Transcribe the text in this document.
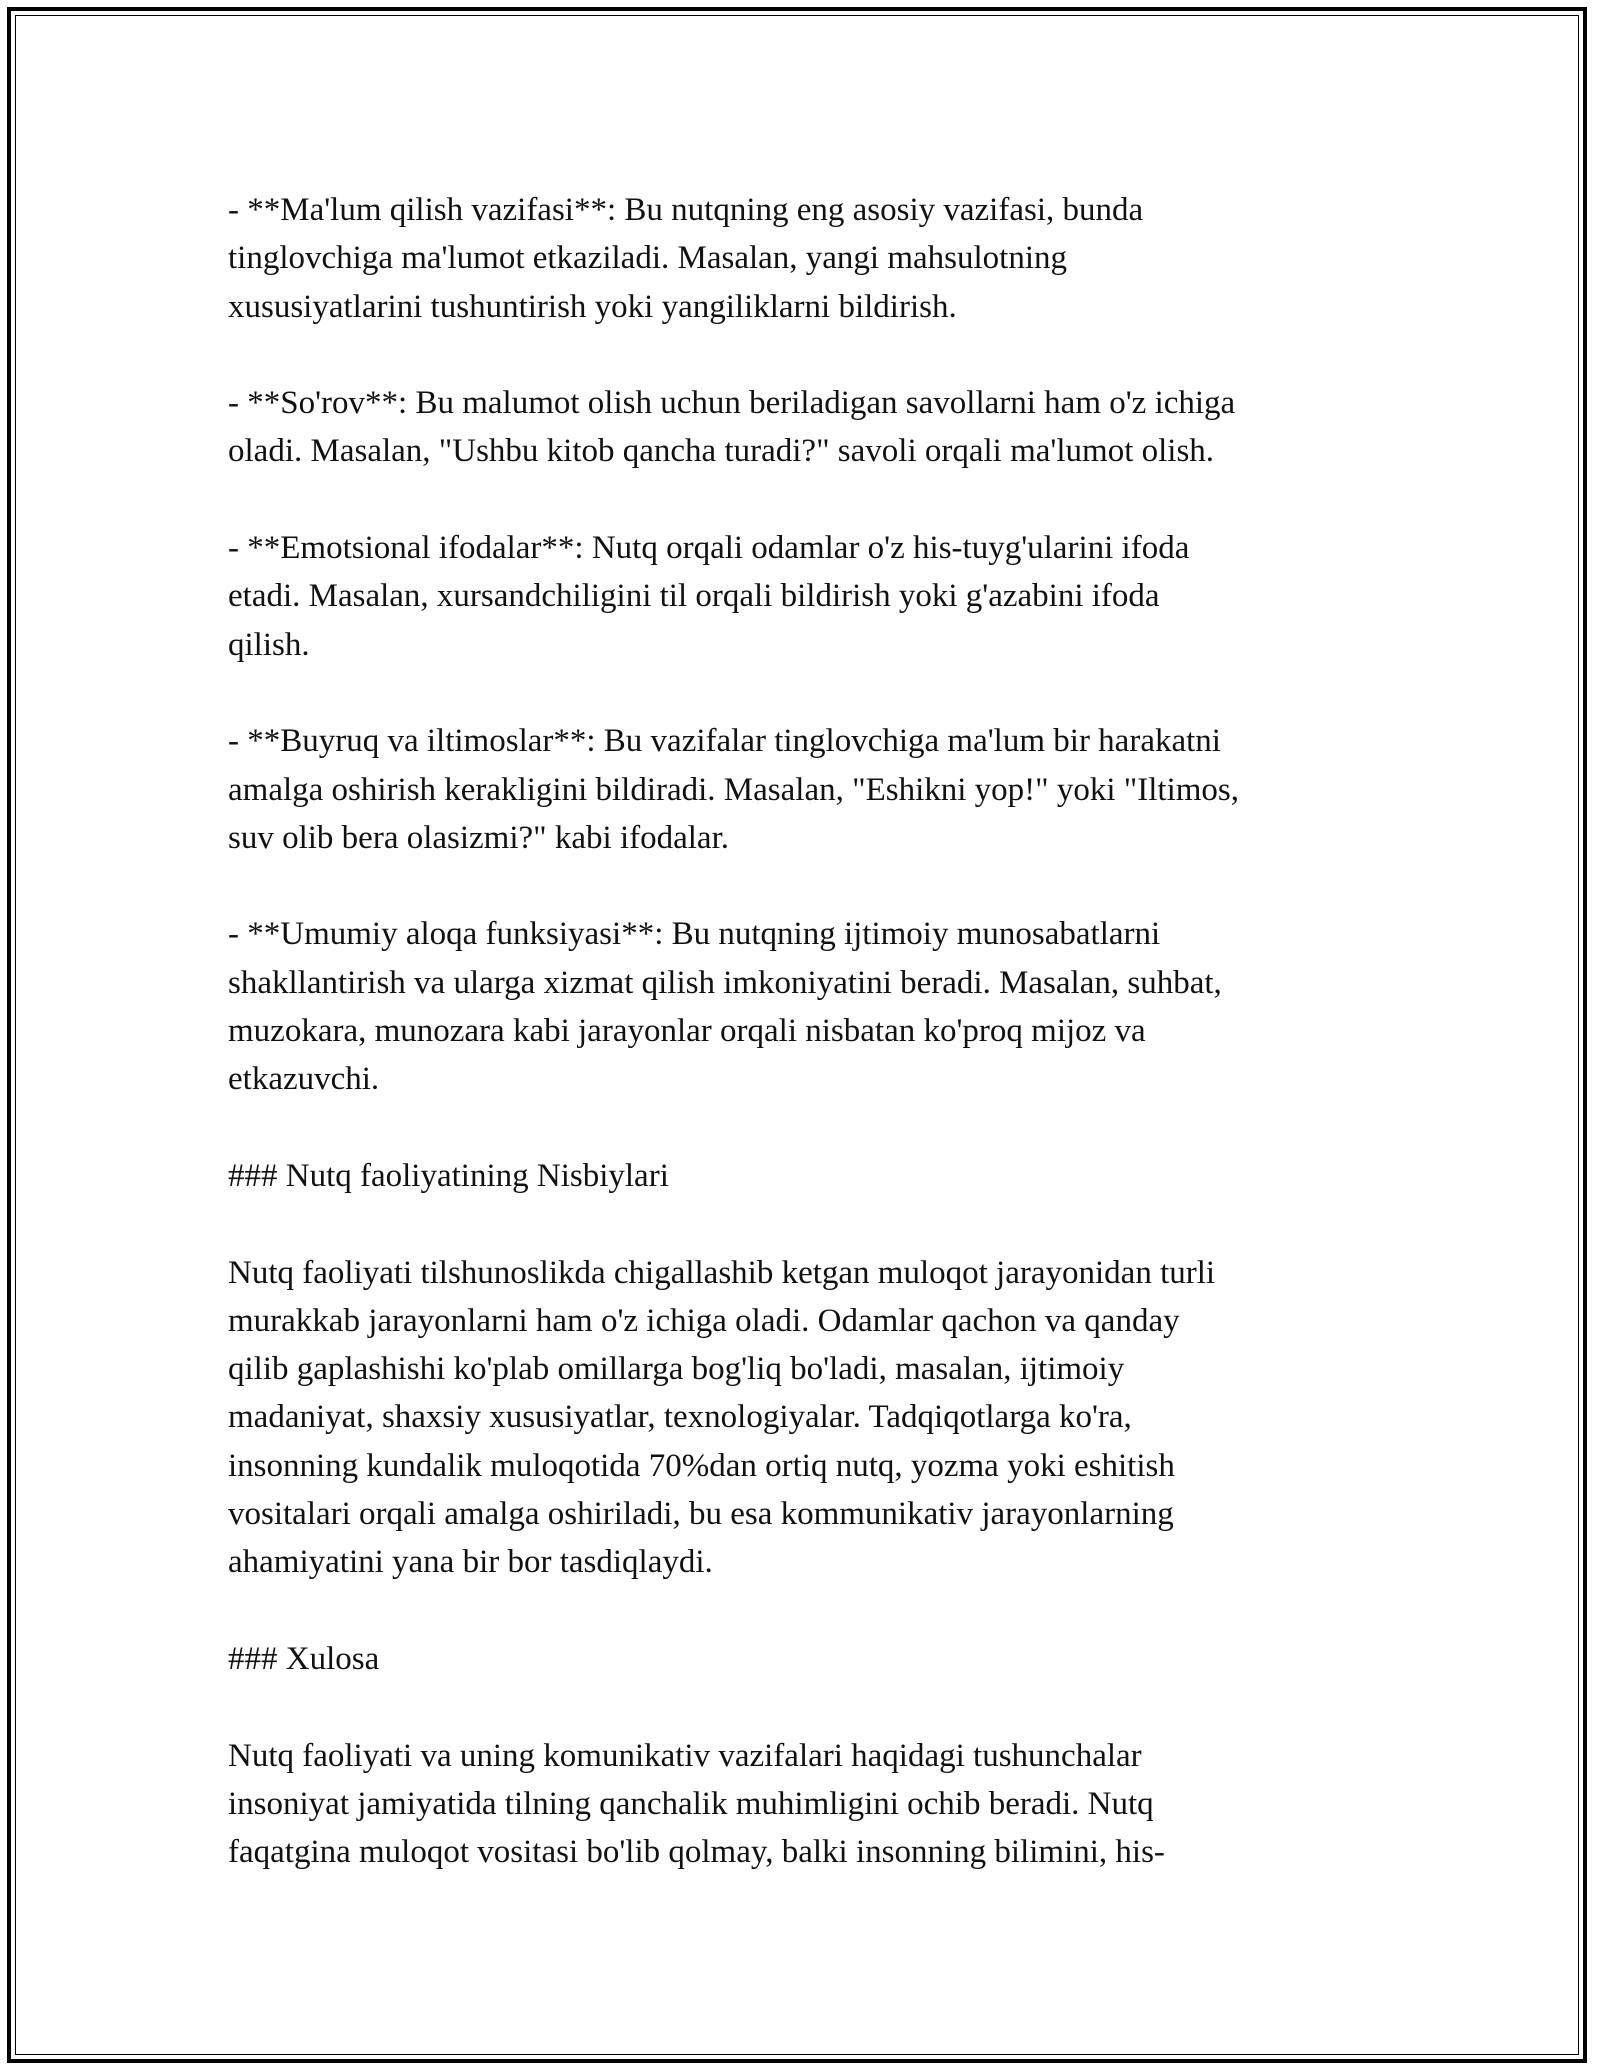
- **Ma'lum qilish vazifasi**: Bu nutqning eng asosiy vazifasi, bunda
tinglovchiga ma'lumot etkaziladi. Masalan, yangi mahsulotning
xususiyatlarini tushuntirish yoki yangiliklarni bildirish.

- **So'rov**: Bu malumot olish uchun beriladigan savollarni ham o'z ichiga
oladi. Masalan, "Ushbu kitob qancha turadi?" savoli orqali ma'lumot olish.

- **Emotsional ifodalar**: Nutq orqali odamlar o'z his-tuyg'ularini ifoda
etadi. Masalan, xursandchiligini til orqali bildirish yoki g'azabini ifoda
qilish.

- **Buyruq va iltimoslar**: Bu vazifalar tinglovchiga ma'lum bir harakatni
amalga oshirish kerakligini bildiradi. Masalan, "Eshikni yop!" yoki "Iltimos,
suv olib bera olasizmi?" kabi ifodalar.

- **Umumiy aloqa funksiyasi**: Bu nutqning ijtimoiy munosabatlarni
shakllantirish va ularga xizmat qilish imkoniyatini beradi. Masalan, suhbat,
muzokara, munozara kabi jarayonlar orqali nisbatan ko'proq mijoz va
etkazuvchi.

### Nutq faoliyatining Nisbiylari

Nutq faoliyati tilshunoslikda chigallashib ketgan muloqot jarayonidan turli
murakkab jarayonlarni ham o'z ichiga oladi. Odamlar qachon va qanday
qilib gaplashishi ko'plab omillarga bog'liq bo'ladi, masalan, ijtimoiy
madaniyat, shaxsiy xususiyatlar, texnologiyalar. Tadqiqotlarga ko'ra,
insonning kundalik muloqotida 70%dan ortiq nutq, yozma yoki eshitish
vositalari orqali amalga oshiriladi, bu esa kommunikativ jarayonlarning
ahamiyatini yana bir bor tasdiqlaydi.

### Xulosa

Nutq faoliyati va uning komunikativ vazifalari haqidagi tushunchalar
insoniyat jamiyatida tilning qanchalik muhimligini ochib beradi. Nutq
faqatgina muloqot vositasi bo'lib qolmay, balki insonning bilimini, his-
